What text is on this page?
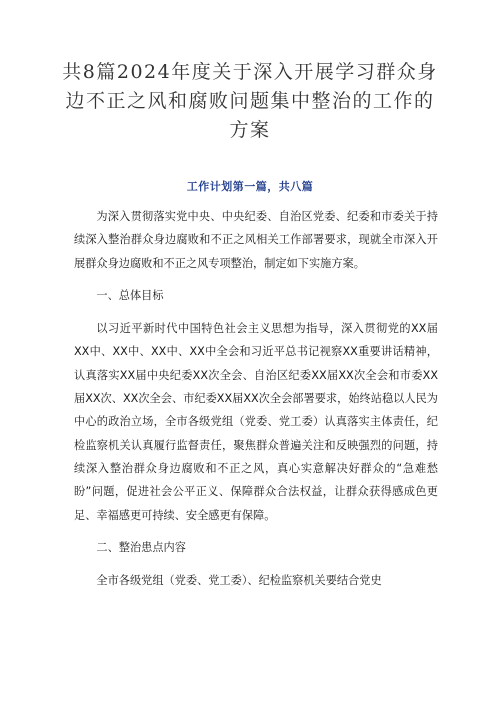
共8篇2024年度关于深入开展学习群众身
边不正之风和腐败问题集中整治的工作的
方案
工作计划第一篇，共八篇

为深入贯彻落实党中央、中央纪委、自治区党委、纪委和市委关于持续深入整治群众身边腐败和不正之风相关工作部署要求，现就全市深入开展群众身边腐败和不正之风专项整治，制定如下实施方案。

一、总体目标

以习近平新时代中国特色社会主义思想为指导，深入贯彻党的XX届XX中、XX中、XX中、XX中全会和习近平总书记视察XX重要讲话精神，认真落实XX届中央纪委XX次全会、自治区纪委XX届XX次全会和市委XX届XX次、XX次全会、市纪委XX届XX次全会部署要求，始终站稳以人民为中心的政治立场，全市各级党组（党委、党工委）认真落实主体责任，纪检监察机关认真履行监督责任，聚焦群众普遍关注和反映强烈的问题，持续深入整治群众身边腐败和不正之风，真心实意解决好群众的“急难愁盼”问题，促进社会公平正义、保障群众合法权益，让群众获得感成色更足、幸福感更可持续、安全感更有保障。

二、整治患点内容

全市各级党组（党委、党工委）、纪检监察机关要结合党史
